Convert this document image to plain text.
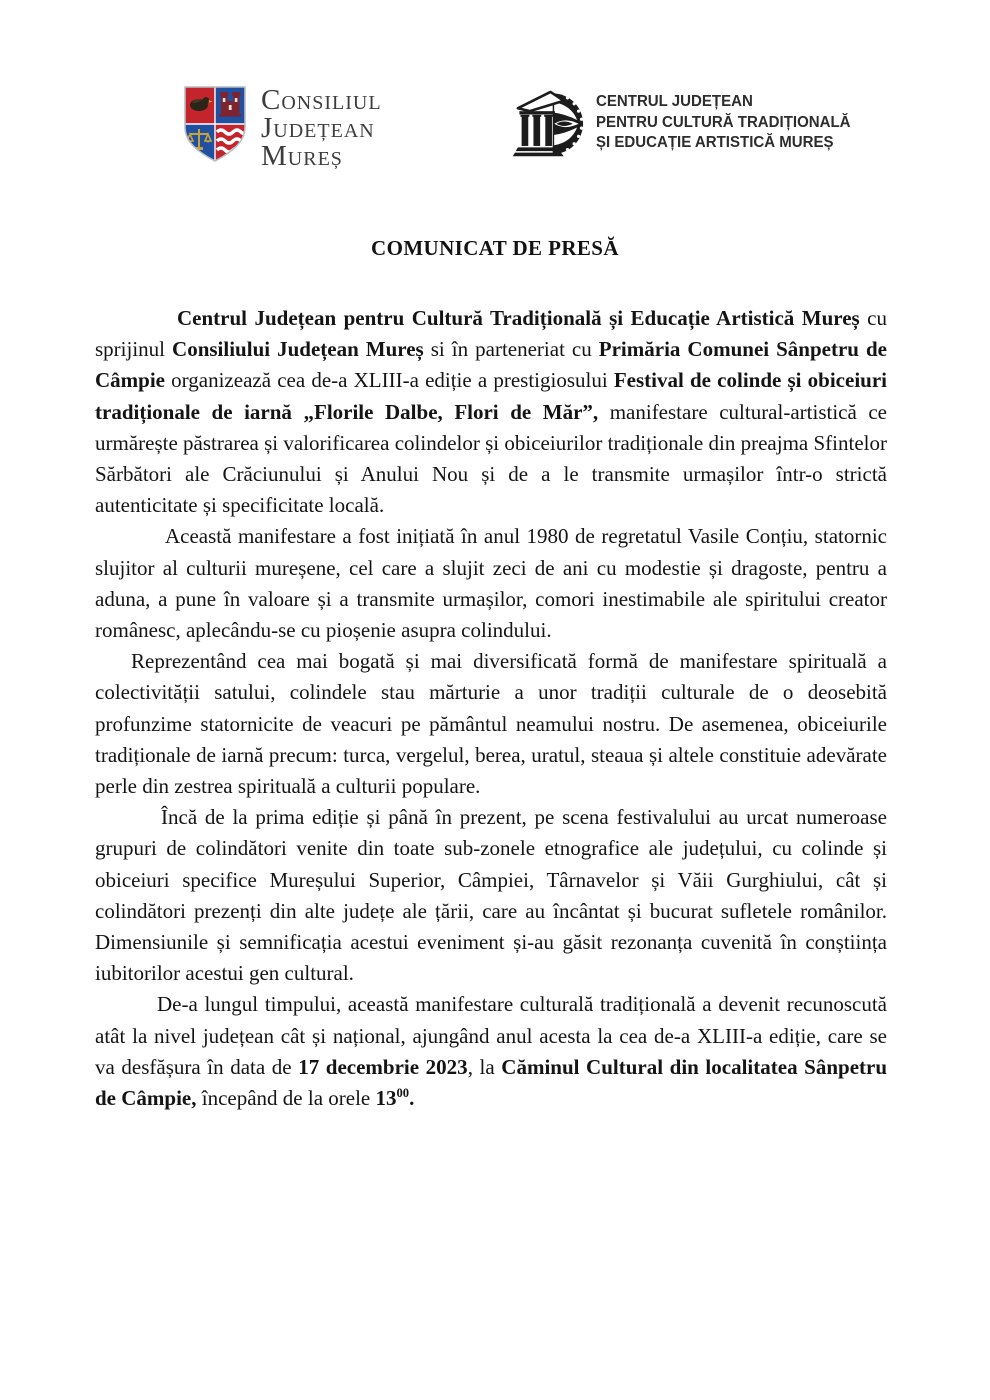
Consiliul
Județean
Mureș
CENTRUL JUDEȚEAN
PENTRU CULTURĂ TRADIȚIONALĂ
ȘI EDUCAȚIE ARTISTICĂ MUREȘ
COMUNICAT DE PRESĂ

Centrul Județean pentru Cultură Tradițională și Educație Artistică Mureș cu sprijinul Consiliului Județean Mureș si în parteneriat cu Primăria Comunei Sânpetru de Câmpie organizează cea de-a XLIII-a ediție a prestigiosului Festival de colinde și obiceiuri tradiționale de iarnă „Florile Dalbe, Flori de Măr”, manifestare cultural-artistică ce urmărește păstrarea și valorificarea colindelor și obiceiurilor tradiționale din preajma Sfintelor Sărbători ale Crăciunului și Anului Nou și de a le transmite urmașilor într-o strictă autenticitate și specificitate locală.

Această manifestare a fost inițiată în anul 1980 de regretatul Vasile Conțiu, statornic slujitor al culturii mureșene, cel care a slujit zeci de ani cu modestie și dragoste, pentru a aduna, a pune în valoare și a transmite urmașilor, comori inestimabile ale spiritului creator românesc, aplecându-se cu pioșenie asupra colindului.

Reprezentând cea mai bogată și mai diversificată formă de manifestare spirituală a colectivității satului, colindele stau mărturie a unor tradiții culturale de o deosebită profunzime statornicite de veacuri pe pământul neamului nostru. De asemenea, obiceiurile tradiționale de iarnă precum: turca, vergelul, berea, uratul, steaua și altele constituie adevărate perle din zestrea spirituală a culturii populare.

Încă de la prima ediție și până în prezent, pe scena festivalului au urcat numeroase grupuri de colindători venite din toate sub-zonele etnografice ale județului, cu colinde și obiceiuri specifice Mureșului Superior, Câmpiei, Târnavelor și Văii Gurghiului, cât și colindători prezenți din alte județe ale țării, care au încântat și bucurat sufletele românilor. Dimensiunile și semnificația acestui eveniment și-au găsit rezonanța cuvenită în conștiința iubitorilor acestui gen cultural.

De-a lungul timpului, această manifestare culturală tradițională a devenit recunoscută atât la nivel județean cât și național, ajungând anul acesta la cea de-a XLIII-a ediție, care se va desfășura în data de 17 decembrie 2023, la Căminul Cultural din localitatea Sânpetru de Câmpie, începând de la orele $13^{00}$.
